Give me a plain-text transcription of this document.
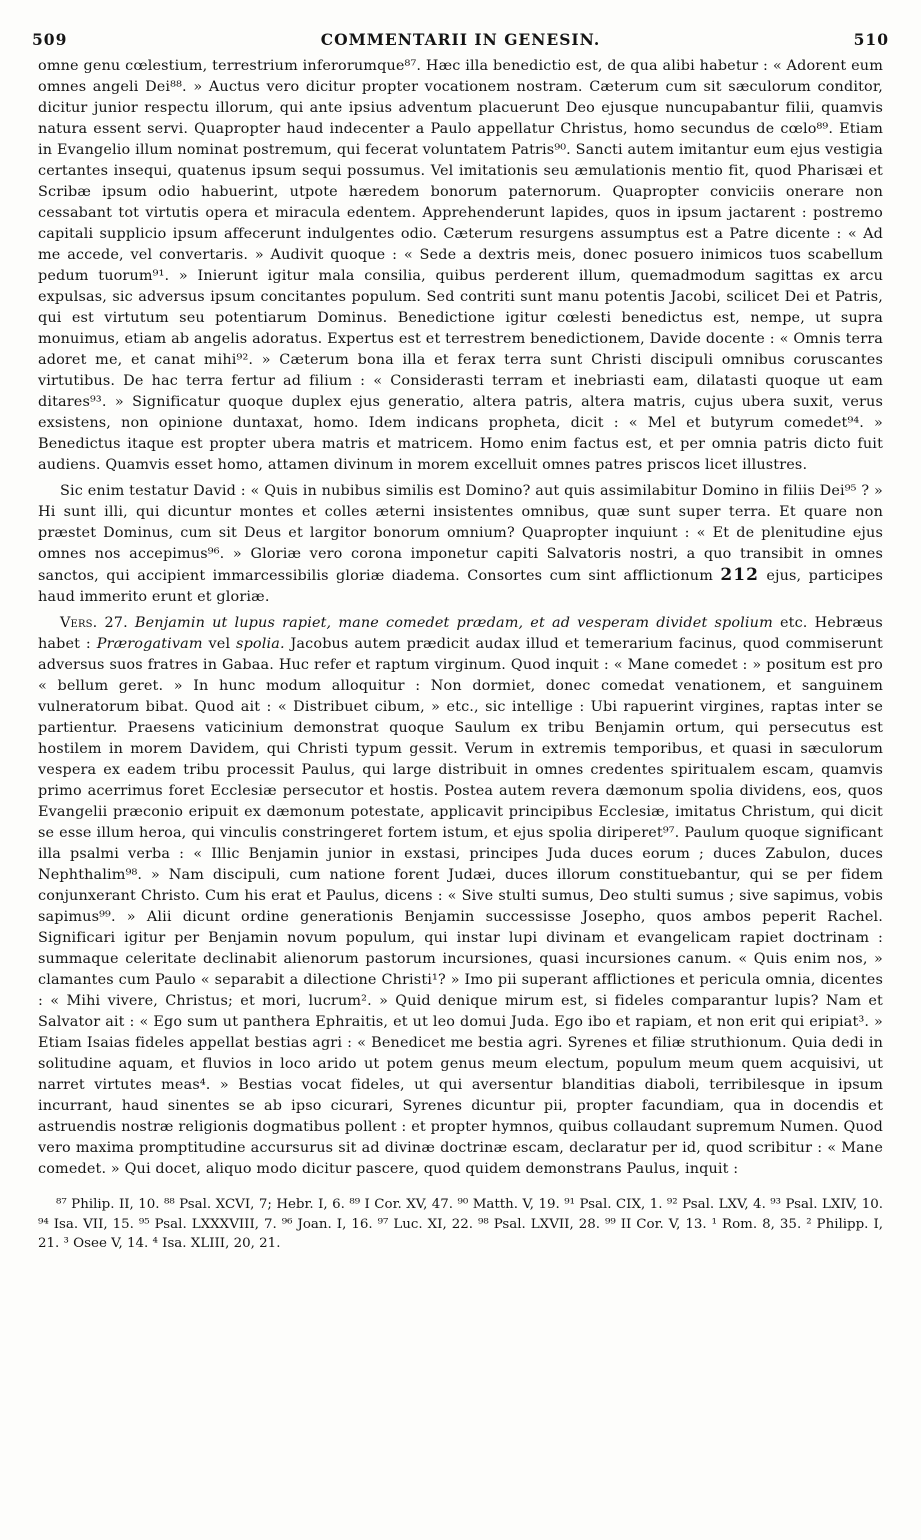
509	COMMENTARII IN GENESIN.	510

omne genu cœlestium, terrestrium inferorumque⁸⁷. Hæc illa benedictio est, de qua alibi habetur : « Adorent eum omnes angeli Dei⁸⁸. » Auctus vero dicitur propter vocationem nostram. Cæterum cum sit sæculorum conditor, dicitur junior respectu illorum, qui ante ipsius adventum placuerunt Deo ejusque nuncupabantur filii, quamvis natura essent servi. Quapropter haud indecenter a Paulo appellatur Christus, homo secundus de cœlo⁸⁹. Etiam in Evangelio illum nominat postremum, qui fecerat voluntatem Patris⁹⁰. Sancti autem imitantur eum ejus vestigia certantes insequi, quatenus ipsum sequi possumus. Vel imitationis seu æmulationis mentio fit, quod Pharisæi et Scribæ ipsum odio habuerint, utpote hæredem bonorum paternorum. Quapropter conviciis onerare non cessabant tot virtutis opera et miracula edentem. Apprehenderunt lapides, quos in ipsum jactarent : postremo capitali supplicio ipsum affecerunt indulgentes odio. Cæterum resurgens assumptus est a Patre dicente : « Ad me accede, vel convertaris. » Audivit quoque : « Sede a dextris meis, donec posuero inimicos tuos scabellum pedum tuorum⁹¹. » Inierunt igitur mala consilia, quibus perderent illum, quemadmodum sagittas ex arcu expulsas, sic adversus ipsum concitantes populum. Sed contriti sunt manu potentis Jacobi, scilicet Dei et Patris, qui est virtutum seu potentiarum Dominus. Benedictione igitur cœlesti benedictus est, nempe, ut supra monuimus, etiam ab angelis adoratus. Expertus est et terrestrem benedictionem, Davide docente : « Omnis terra adoret me, et canat mihi⁹². » Cæterum bona illa et ferax terra sunt Christi discipuli omnibus coruscantes virtutibus. De hac terra fertur ad filium : « Considerasti terram et inebriasti eam, dilatasti quoque ut eam ditares⁹³. » Significatur quoque duplex ejus generatio, altera patris, altera matris, cujus ubera suxit, verus exsistens, non opinione duntaxat, homo. Idem indicans propheta, dicit : « Mel et butyrum comedet⁹⁴. » Benedictus itaque est propter ubera matris et matricem. Homo enim factus est, et per omnia patris dicto fuit audiens. Quamvis esset homo, attamen divinum in morem excelluit omnes patres priscos licet illustres.

Sic enim testatur David : « Quis in nubibus similis est Domino? aut quis assimilabitur Domino in filiis Dei⁹⁵ ? » Hi sunt illi, qui dicuntur montes et colles æterni insistentes omnibus, quæ sunt super terra. Et quare non præstet Dominus, cum sit Deus et largitor bonorum omnium? Quapropter inquiunt : « Et de plenitudine ejus omnes nos accepimus⁹⁶. » Gloriæ vero corona imponetur capiti Salvatoris nostri, a quo transibit in omnes sanctos, qui accipient immarcessibilis gloriæ diadema. Consortes cum sint afflictionum 212 ejus, participes haud immerito erunt et gloriæ.

Vers. 27. Benjamin ut lupus rapiet, mane comedet prædam, et ad vesperam dividet spolium etc. Hebræus habet : Prærogativam vel spolia. Jacobus autem prædicit audax illud et temerarium facinus, quod commiserunt adversus suos fratres in Gabaa. Huc refer et raptum virginum. Quod inquit : « Mane comedet : » positum est pro « bellum geret. » In hunc modum alloquitur : Non dormiet, donec comedat venationem, et sanguinem vulneratorum bibat. Quod ait : « Distribuet cibum, » etc., sic intellige : Ubi rapuerint virgines, raptas inter se partientur. Praesens vaticinium demonstrat quoque Saulum ex tribu Benjamin ortum, qui persecutus est hostilem in morem Davidem, qui Christi typum gessit. Verum in extremis temporibus, et quasi in sæculorum vespera ex eadem tribu processit Paulus, qui large distribuit in omnes credentes spiritualem escam, quamvis primo acerrimus foret Ecclesiæ persecutor et hostis. Postea autem revera dæmonum spolia dividens, eos, quos Evangelii præconio eripuit ex dæmonum potestate, applicavit principibus Ecclesiæ, imitatus Christum, qui dicit se esse illum heroa, qui vinculis constringeret fortem istum, et ejus spolia diriperet⁹⁷. Paulum quoque significant illa psalmi verba : « Illic Benjamin junior in exstasi, principes Juda duces eorum ; duces Zabulon, duces Nephthalim⁹⁸. » Nam discipuli, cum natione forent Judæi, duces illorum constituebantur, qui se per fidem conjunxerant Christo. Cum his erat et Paulus, dicens : « Sive stulti sumus, Deo stulti sumus ; sive sapimus, vobis sapimus⁹⁹. » Alii dicunt ordine generationis Benjamin successisse Josepho, quos ambos peperit Rachel. Significari igitur per Benjamin novum populum, qui instar lupi divinam et evangelicam rapiet doctrinam : summaque celeritate declinabit alienorum pastorum incursiones, quasi incursiones canum. « Quis enim nos, » clamantes cum Paulo « separabit a dilectione Christi¹? » Imo pii superant afflictiones et pericula omnia, dicentes : « Mihi vivere, Christus; et mori, lucrum². » Quid denique mirum est, si fideles comparantur lupis? Nam et Salvator ait : « Ego sum ut panthera Ephraitis, et ut leo domui Juda. Ego ibo et rapiam, et non erit qui eripiat³. » Etiam Isaias fideles appellat bestias agri : « Benedicet me bestia agri. Syrenes et filiæ struthionum. Quia dedi in solitudine aquam, et fluvios in loco arido ut potem genus meum electum, populum meum quem acquisivi, ut narret virtutes meas⁴. » Bestias vocat fideles, ut qui aversentur blanditias diaboli, terribilesque in ipsum incurrant, haud sinentes se ab ipso cicurari, Syrenes dicuntur pii, propter facundiam, qua in docendis et astruendis nostræ religionis dogmatibus pollent : et propter hymnos, quibus collaudant supremum Numen. Quod vero maxima promptitudine accursurus sit ad divinæ doctrinæ escam, declaratur per id, quod scribitur : « Mane comedet. » Qui docet, aliquo modo dicitur pascere, quod quidem demonstrans Paulus, inquit :

⁸⁷ Philip. II, 10. ⁸⁸ Psal. XCVI, 7; Hebr. I, 6. ⁸⁹ I Cor. XV, 47. ⁹⁰ Matth. V, 19. ⁹¹ Psal. CIX, 1. ⁹² Psal. LXV, 4. ⁹³ Psal. LXIV, 10. ⁹⁴ Isa. VII, 15. ⁹⁵ Psal. LXXXVIII, 7. ⁹⁶ Joan. I, 16. ⁹⁷ Luc. XI, 22. ⁹⁸ Psal. LXVII, 28. ⁹⁹ II Cor. V, 13. ¹ Rom. 8, 35. ² Philipp. I, 21. ³ Osee V, 14. ⁴ Isa. XLIII, 20, 21.
